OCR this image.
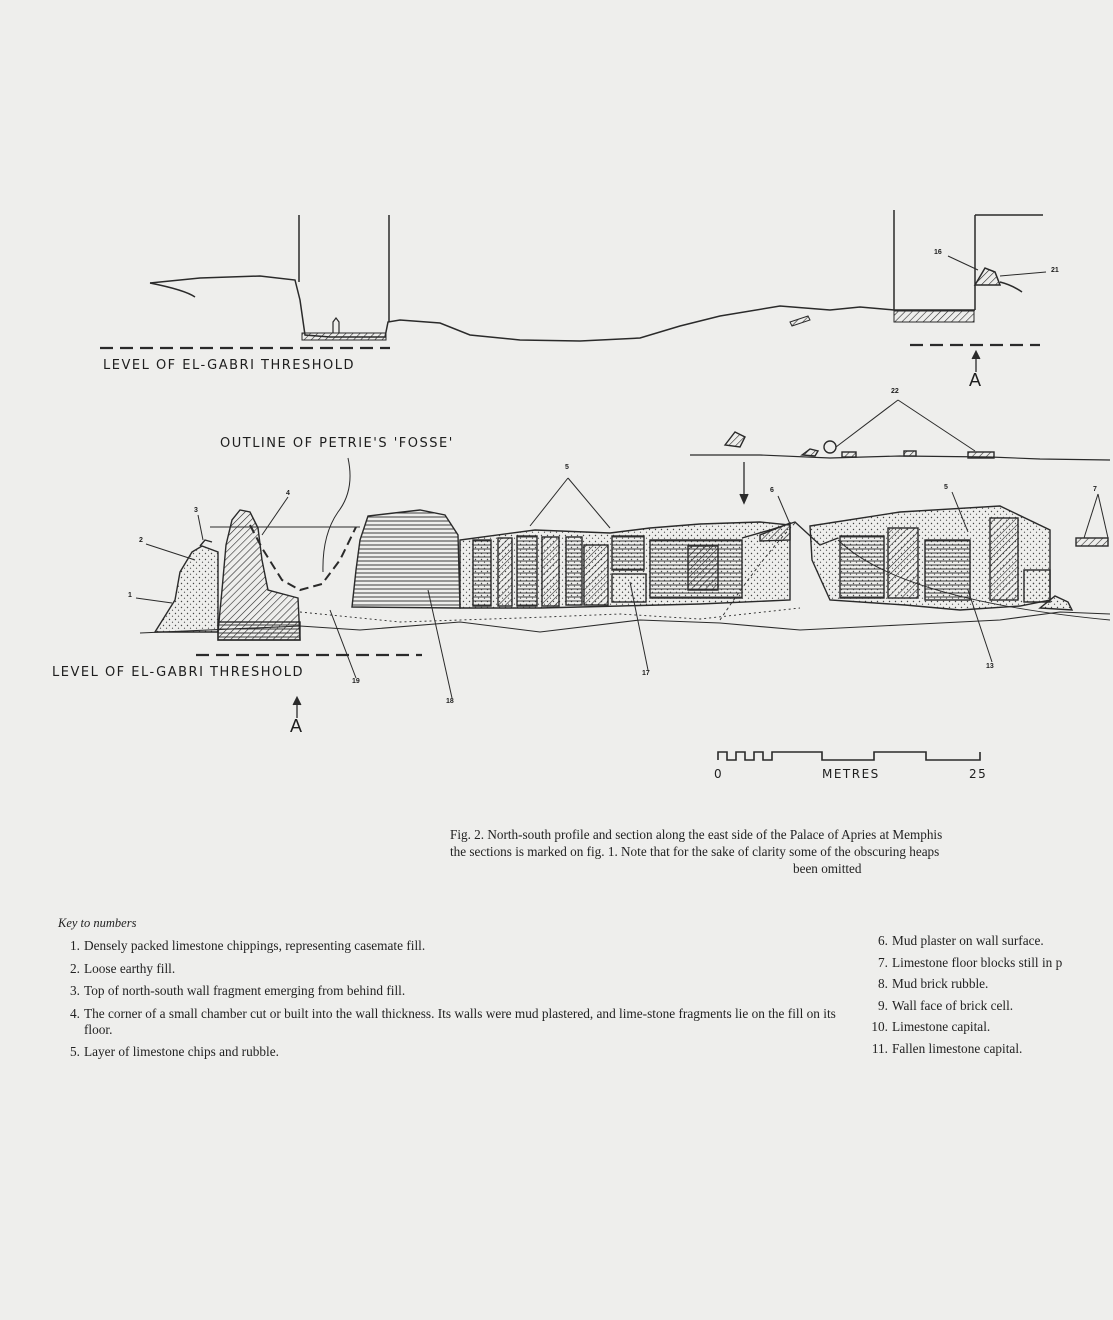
LEVEL OF EL-GABRI THRESHOLD
OUTLINE OF PETRIE'S 'FOSSE'
LEVEL OF EL-GABRI THRESHOLD
A
A
1
2
3
4
5
5
6	7
13
16
17
18
19
21
22
0	METRES	25
Fig. 2. North-south profile and section along the east side of the Palace of Apries at Memphis
the sections is marked on fig. 1. Note that for the sake of clarity some of the obscuring heaps
been omitted
Key to numbers
1. Densely packed limestone chippings, representing casemate fill.
2. Loose earthy fill.
3. Top of north-south wall fragment emerging from behind fill.
4. The corner of a small chamber cut or built into the wall thickness. Its walls were mud plastered, and lime-stone fragments lie on the fill on its floor.
5. Layer of limestone chips and rubble.
6. Mud plaster on wall surface.
7. Limestone floor blocks still in p
8. Mud brick rubble.
9. Wall face of brick cell.
10. Limestone capital.
11. Fallen limestone capital.
